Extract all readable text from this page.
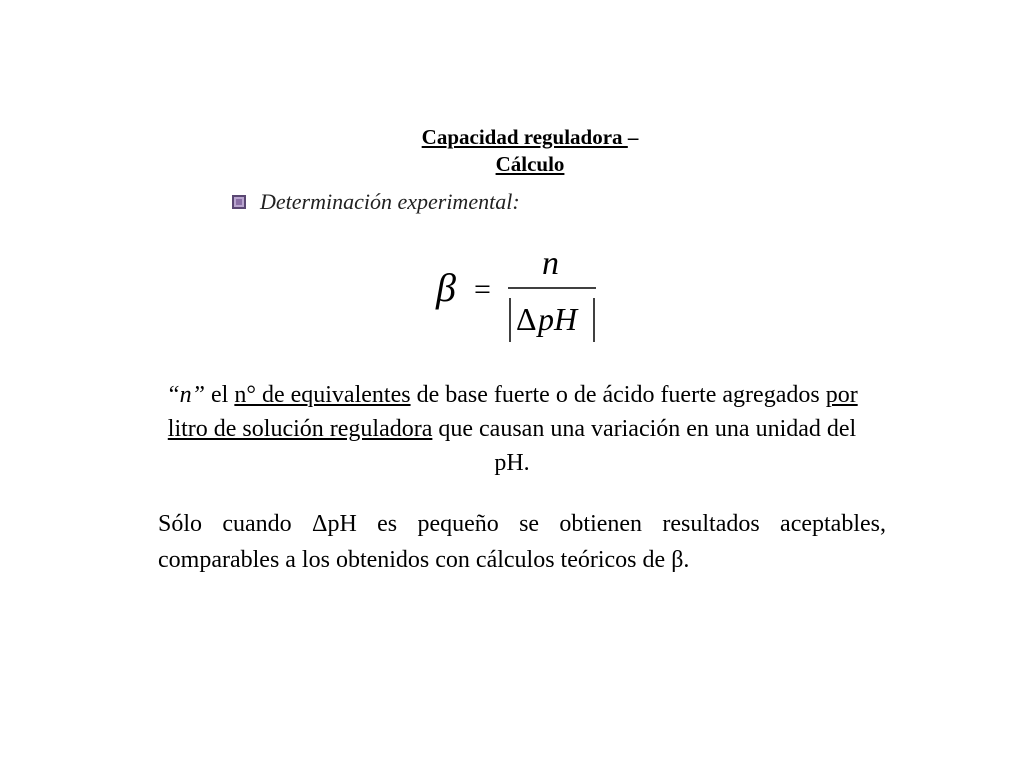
Capacidad reguladora –
Cálculo
Determinación experimental:
β =
n
Δ pH
“n” el n° de equivalentes de base fuerte o de ácido fuerte agregados por litro de solución reguladora que causan una variación en una unidad del pH.
Sólo cuando ΔpH es pequeño se obtienen resultados aceptables, comparables a los obtenidos con cálculos teóricos de β.
